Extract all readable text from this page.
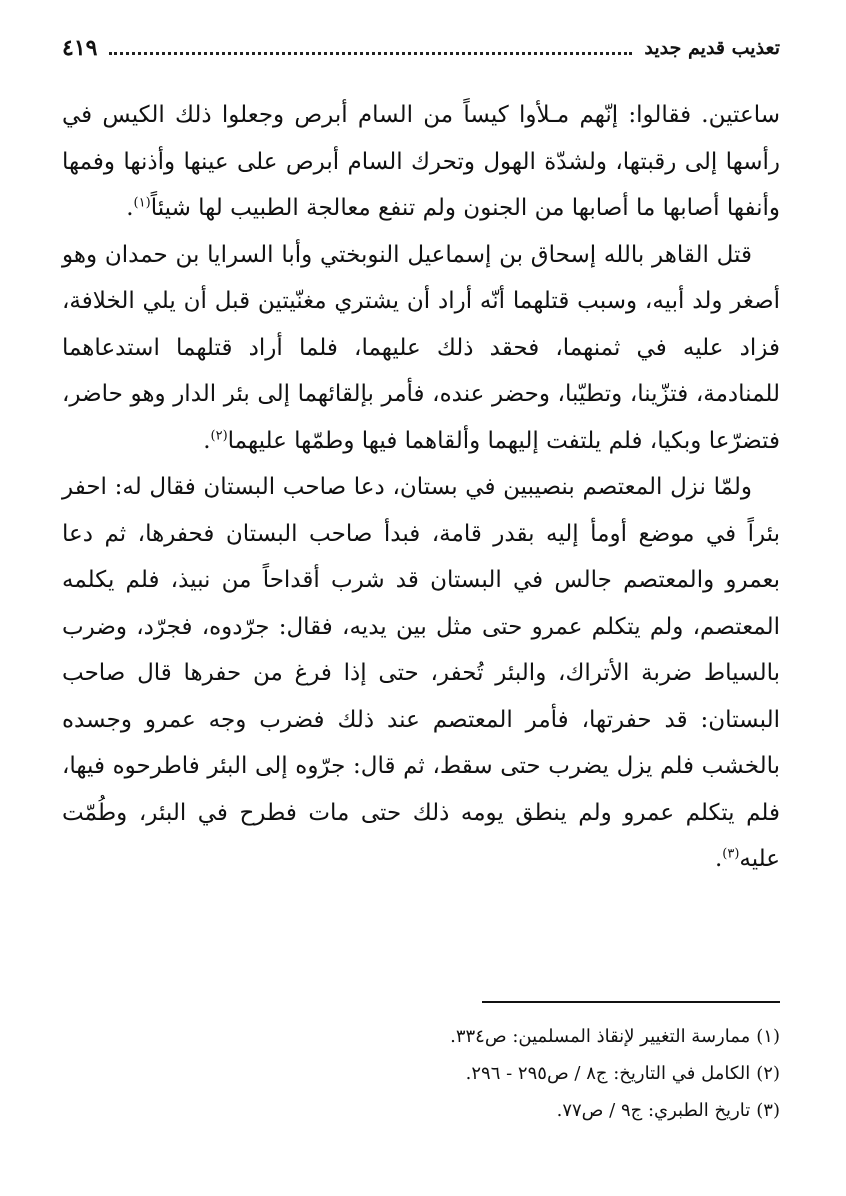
تعذيب قديم جديد
٤١٩

ساعتين. فقالوا: إنّهم مـلأوا كيساً من السام أبرص وجعلوا ذلك الكيس في رأسها إلى رقبتها، ولشدّة الهول وتحرك السام أبرص على عينها وأذنها وفمها وأنفها أصابها ما أصابها من الجنون ولم تنفع معالجة الطبيب لها شيئاً$^{(١)}$.

قتل القاهر بالله إسحاق بن إسماعيل النوبختي وأبا السرايا بن حمدان وهو أصغر ولد أبيه، وسبب قتلهما أنّه أراد أن يشتري مغنّيتين قبل أن يلي الخلافة، فزاد عليه في ثمنهما، فحقد ذلك عليهما، فلما أراد قتلهما استدعاهما للمنادمة، فتزّينا، وتطيّبا، وحضر عنده، فأمر بإلقائهما إلى بئر الدار وهو حاضر، فتضرّعا وبكيا، فلم يلتفت إليهما وألقاهما فيها وطمّها عليهما$^{(٢)}$.

ولمّا نزل المعتصم بنصيبين في بستان، دعا صاحب البستان فقال له: احفر بئراً في موضع أومأ إليه بقدر قامة، فبدأ صاحب البستان فحفرها، ثم دعا بعمرو والمعتصم جالس في البستان قد شرب أقداحاً من نبيذ، فلم يكلمه المعتصم، ولم يتكلم عمرو حتى مثل بين يديه، فقال: جرّدوه، فجرّد، وضرب بالسياط ضربة الأتراك، والبئر تُحفر، حتى إذا فرغ من حفرها قال صاحب البستان: قد حفرتها، فأمر المعتصم عند ذلك فضرب وجه عمرو وجسده بالخشب فلم يزل يضرب حتى سقط، ثم قال: جرّوه إلى البئر فاطرحوه فيها، فلم يتكلم عمرو ولم ينطق يومه ذلك حتى مات فطرح في البئر، وطُمّت عليه$^{(٣)}$.

(١)
ممارسة التغيير لإنقاذ المسلمين: ص٣٣٤.
(٢)
الكامل في التاريخ: ج٨ / ص٢٩٥ - ٢٩٦.
(٣)
تاريخ الطبري: ج٩ / ص٧٧.
